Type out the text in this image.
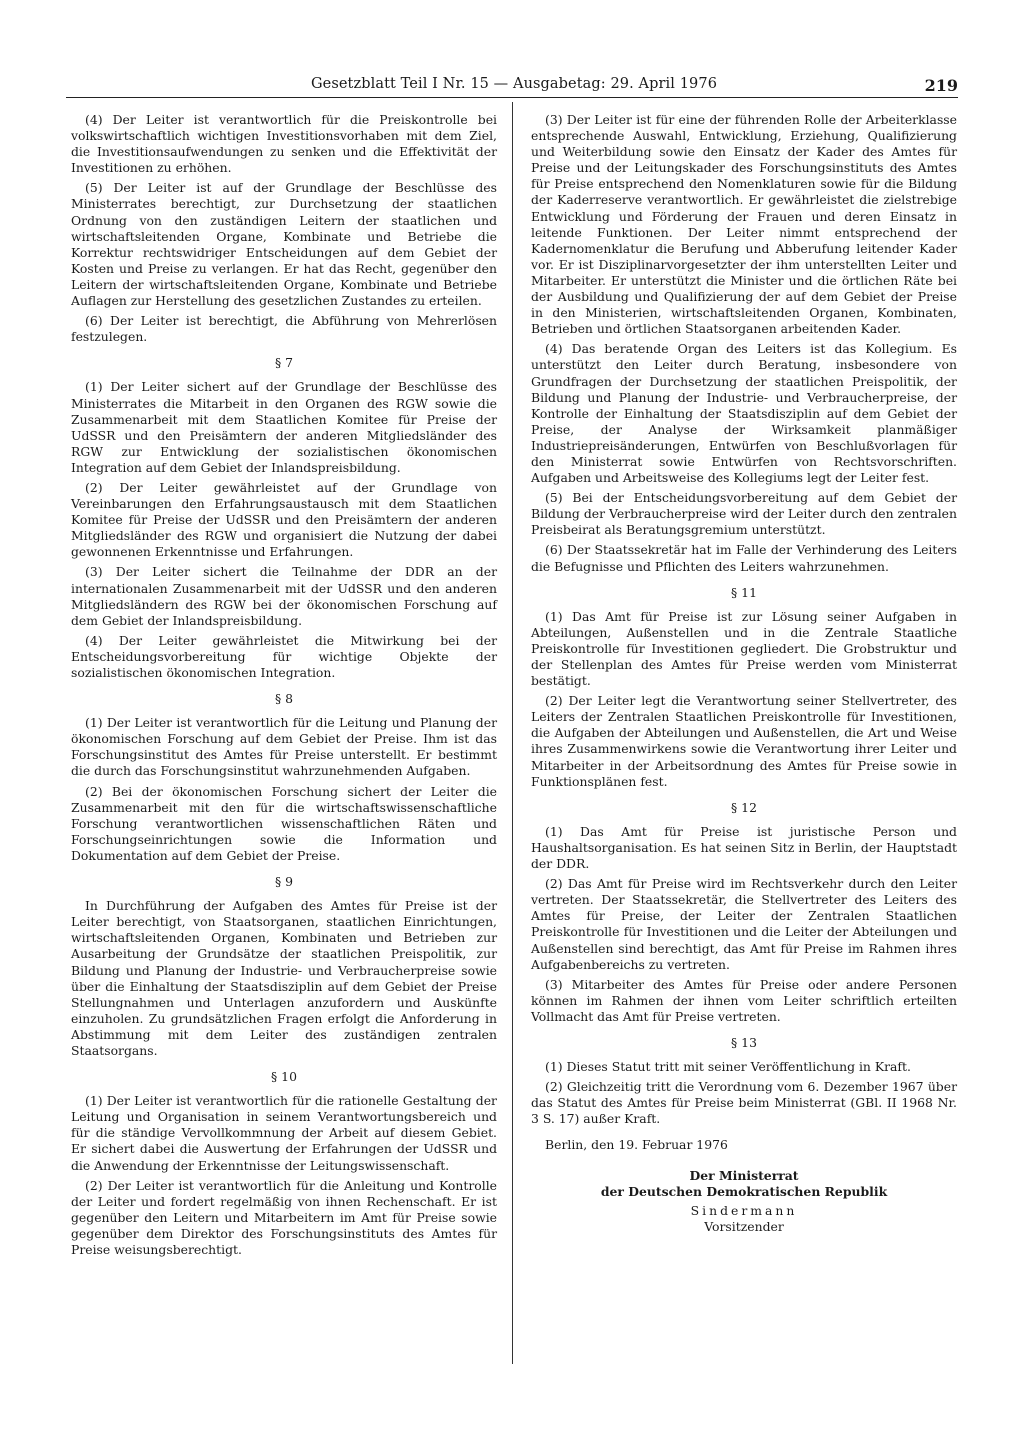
Gesetzblatt Teil I Nr. 15 — Ausgabetag: 29. April 1976	219

(4) Der Leiter ist verantwortlich für die Preiskontrolle bei volkswirtschaftlich wichtigen Investitionsvorhaben mit dem Ziel, die Investitionsaufwendungen zu senken und die Effektivität der Investitionen zu erhöhen.

(5) Der Leiter ist auf der Grundlage der Beschlüsse des Ministerrates berechtigt, zur Durchsetzung der staatlichen Ordnung von den zuständigen Leitern der staatlichen und wirtschaftsleitenden Organe, Kombinate und Betriebe die Korrektur rechtswidriger Entscheidungen auf dem Gebiet der Kosten und Preise zu verlangen. Er hat das Recht, gegenüber den Leitern der wirtschaftsleitenden Organe, Kombinate und Betriebe Auflagen zur Herstellung des gesetzlichen Zustandes zu erteilen.

(6) Der Leiter ist berechtigt, die Abführung von Mehrerlösen festzulegen.

§ 7

(1) Der Leiter sichert auf der Grundlage der Beschlüsse des Ministerrates die Mitarbeit in den Organen des RGW sowie die Zusammenarbeit mit dem Staatlichen Komitee für Preise der UdSSR und den Preisämtern der anderen Mitgliedsländer des RGW zur Entwicklung der sozialistischen ökonomischen Integration auf dem Gebiet der Inlandspreisbildung.

(2) Der Leiter gewährleistet auf der Grundlage von Vereinbarungen den Erfahrungsaustausch mit dem Staatlichen Komitee für Preise der UdSSR und den Preisämtern der anderen Mitgliedsländer des RGW und organisiert die Nutzung der dabei gewonnenen Erkenntnisse und Erfahrungen.

(3) Der Leiter sichert die Teilnahme der DDR an der internationalen Zusammenarbeit mit der UdSSR und den anderen Mitgliedsländern des RGW bei der ökonomischen Forschung auf dem Gebiet der Inlandspreisbildung.

(4) Der Leiter gewährleistet die Mitwirkung bei der Entscheidungsvorbereitung für wichtige Objekte der sozialistischen ökonomischen Integration.

§ 8

(1) Der Leiter ist verantwortlich für die Leitung und Planung der ökonomischen Forschung auf dem Gebiet der Preise. Ihm ist das Forschungsinstitut des Amtes für Preise unterstellt. Er bestimmt die durch das Forschungsinstitut wahrzunehmenden Aufgaben.

(2) Bei der ökonomischen Forschung sichert der Leiter die Zusammenarbeit mit den für die wirtschaftswissenschaftliche Forschung verantwortlichen wissenschaftlichen Räten und Forschungseinrichtungen sowie die Information und Dokumentation auf dem Gebiet der Preise.

§ 9

In Durchführung der Aufgaben des Amtes für Preise ist der Leiter berechtigt, von Staatsorganen, staatlichen Einrichtungen, wirtschaftsleitenden Organen, Kombinaten und Betrieben zur Ausarbeitung der Grundsätze der staatlichen Preispolitik, zur Bildung und Planung der Industrie- und Verbraucherpreise sowie über die Einhaltung der Staatsdisziplin auf dem Gebiet der Preise Stellungnahmen und Unterlagen anzufordern und Auskünfte einzuholen. Zu grundsätzlichen Fragen erfolgt die Anforderung in Abstimmung mit dem Leiter des zuständigen zentralen Staatsorgans.

§ 10

(1) Der Leiter ist verantwortlich für die rationelle Gestaltung der Leitung und Organisation in seinem Verantwortungsbereich und für die ständige Vervollkommnung der Arbeit auf diesem Gebiet. Er sichert dabei die Auswertung der Erfahrungen der UdSSR und die Anwendung der Erkenntnisse der Leitungswissenschaft.

(2) Der Leiter ist verantwortlich für die Anleitung und Kontrolle der Leiter und fordert regelmäßig von ihnen Rechenschaft. Er ist gegenüber den Leitern und Mitarbeitern im Amt für Preise sowie gegenüber dem Direktor des Forschungsinstituts des Amtes für Preise weisungsberechtigt.

(3) Der Leiter ist für eine der führenden Rolle der Arbeiterklasse entsprechende Auswahl, Entwicklung, Erziehung, Qualifizierung und Weiterbildung sowie den Einsatz der Kader des Amtes für Preise und der Leitungskader des Forschungsinstituts des Amtes für Preise entsprechend den Nomenklaturen sowie für die Bildung der Kaderreserve verantwortlich. Er gewährleistet die zielstrebige Entwicklung und Förderung der Frauen und deren Einsatz in leitende Funktionen. Der Leiter nimmt entsprechend der Kadernomenklatur die Berufung und Abberufung leitender Kader vor. Er ist Disziplinarvorgesetzter der ihm unterstellten Leiter und Mitarbeiter. Er unterstützt die Minister und die örtlichen Räte bei der Ausbildung und Qualifizierung der auf dem Gebiet der Preise in den Ministerien, wirtschaftsleitenden Organen, Kombinaten, Betrieben und örtlichen Staatsorganen arbeitenden Kader.

(4) Das beratende Organ des Leiters ist das Kollegium. Es unterstützt den Leiter durch Beratung, insbesondere von Grundfragen der Durchsetzung der staatlichen Preispolitik, der Bildung und Planung der Industrie- und Verbraucherpreise, der Kontrolle der Einhaltung der Staatsdisziplin auf dem Gebiet der Preise, der Analyse der Wirksamkeit planmäßiger Industriepreisänderungen, Entwürfen von Beschlußvorlagen für den Ministerrat sowie Entwürfen von Rechtsvorschriften. Aufgaben und Arbeitsweise des Kollegiums legt der Leiter fest.

(5) Bei der Entscheidungsvorbereitung auf dem Gebiet der Bildung der Verbraucherpreise wird der Leiter durch den zentralen Preisbeirat als Beratungsgremium unterstützt.

(6) Der Staatssekretär hat im Falle der Verhinderung des Leiters die Befugnisse und Pflichten des Leiters wahrzunehmen.

§ 11

(1) Das Amt für Preise ist zur Lösung seiner Aufgaben in Abteilungen, Außenstellen und in die Zentrale Staatliche Preiskontrolle für Investitionen gegliedert. Die Grobstruktur und der Stellenplan des Amtes für Preise werden vom Ministerrat bestätigt.

(2) Der Leiter legt die Verantwortung seiner Stellvertreter, des Leiters der Zentralen Staatlichen Preiskontrolle für Investitionen, die Aufgaben der Abteilungen und Außenstellen, die Art und Weise ihres Zusammenwirkens sowie die Verantwortung ihrer Leiter und Mitarbeiter in der Arbeitsordnung des Amtes für Preise sowie in Funktionsplänen fest.

§ 12

(1) Das Amt für Preise ist juristische Person und Haushaltsorganisation. Es hat seinen Sitz in Berlin, der Hauptstadt der DDR.

(2) Das Amt für Preise wird im Rechtsverkehr durch den Leiter vertreten. Der Staatssekretär, die Stellvertreter des Leiters des Amtes für Preise, der Leiter der Zentralen Staatlichen Preiskontrolle für Investitionen und die Leiter der Abteilungen und Außenstellen sind berechtigt, das Amt für Preise im Rahmen ihres Aufgabenbereichs zu vertreten.

(3) Mitarbeiter des Amtes für Preise oder andere Personen können im Rahmen der ihnen vom Leiter schriftlich erteilten Vollmacht das Amt für Preise vertreten.

§ 13

(1) Dieses Statut tritt mit seiner Veröffentlichung in Kraft.

(2) Gleichzeitig tritt die Verordnung vom 6. Dezember 1967 über das Statut des Amtes für Preise beim Ministerrat (GBl. II 1968 Nr. 3 S. 17) außer Kraft.

Berlin, den 19. Februar 1976

Der Ministerrat
der Deutschen Demokratischen Republik
Sindermann
Vorsitzender
